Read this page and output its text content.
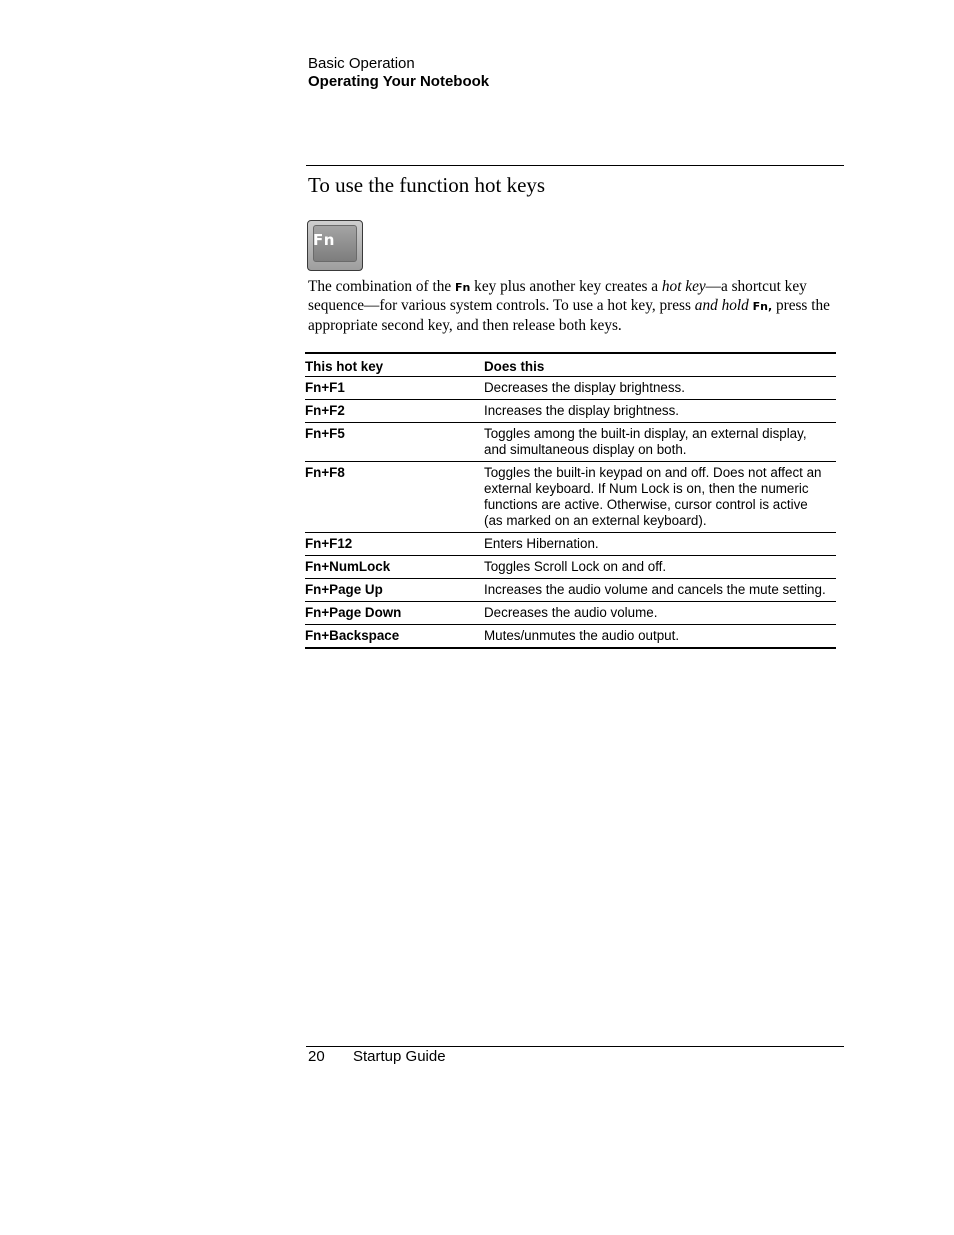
Basic Operation
Operating Your Notebook
To use the function hot keys
Fn

The combination of the Fn key plus another key creates a hot key—a shortcut key sequence—for various system controls. To use a hot key, press and hold Fn, press the appropriate second key, and then release both keys.

This hot key	Does this
Fn+F1	Decreases the display brightness.
Fn+F2	Increases the display brightness.
Fn+F5	Toggles among the built-in display, an external display, and simultaneous display on both.
Fn+F8	Toggles the built-in keypad on and off. Does not affect an external keyboard. If Num Lock is on, then the numeric functions are active. Otherwise, cursor control is active (as marked on an external keyboard).
Fn+F12	Enters Hibernation.
Fn+NumLock	Toggles Scroll Lock on and off.
Fn+Page Up	Increases the audio volume and cancels the mute setting.
Fn+Page Down	Decreases the audio volume.
Fn+Backspace	Mutes/unmutes the audio output.
20 Startup Guide
